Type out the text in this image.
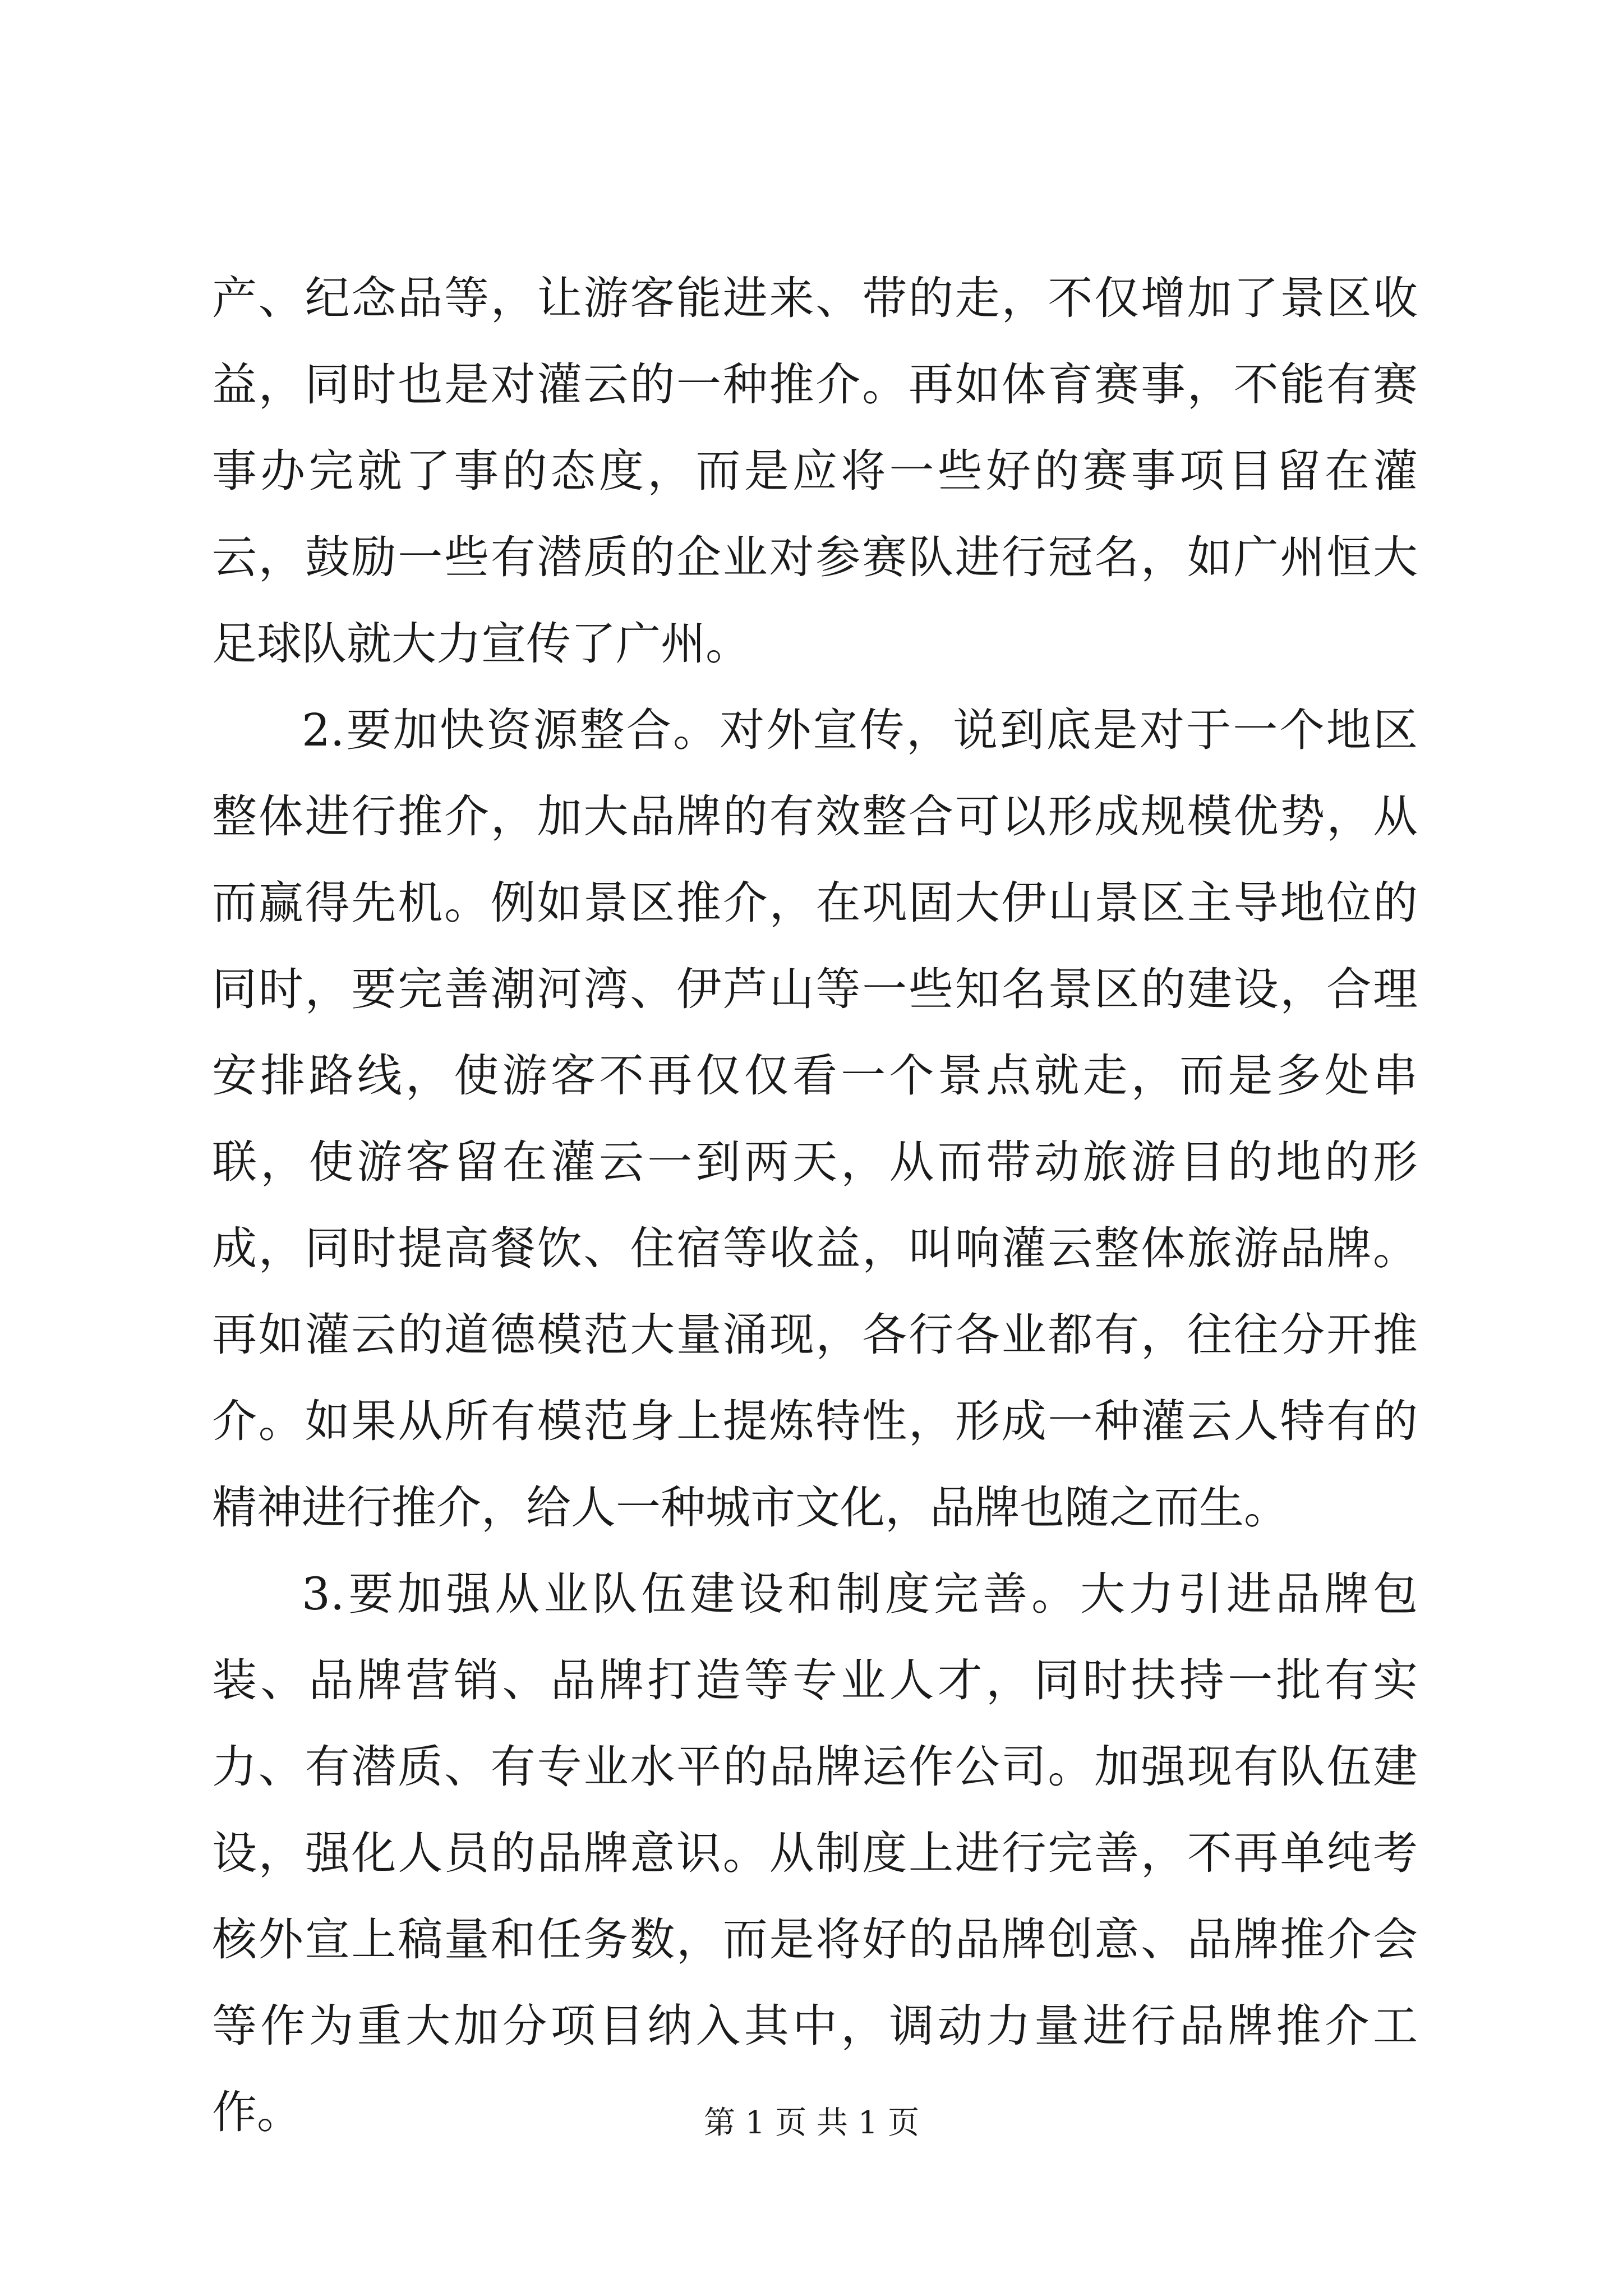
产、纪念品等，让游客能进来、带的走，不仅增加了景区收益，同时也是对灌云的一种推介。再如体育赛事，不能有赛事办完就了事的态度，而是应将一些好的赛事项目留在灌云，鼓励一些有潜质的企业对参赛队进行冠名，如广州恒大足球队就大力宣传了广州。

2.要加快资源整合。对外宣传，说到底是对于一个地区整体进行推介，加大品牌的有效整合可以形成规模优势，从而赢得先机。例如景区推介，在巩固大伊山景区主导地位的同时，要完善潮河湾、伊芦山等一些知名景区的建设，合理安排路线，使游客不再仅仅看一个景点就走，而是多处串联，使游客留在灌云一到两天，从而带动旅游目的地的形成，同时提高餐饮、住宿等收益，叫响灌云整体旅游品牌。再如灌云的道德模范大量涌现，各行各业都有，往往分开推介。如果从所有模范身上提炼特性，形成一种灌云人特有的精神进行推介，给人一种城市文化，品牌也随之而生。

3.要加强从业队伍建设和制度完善。大力引进品牌包装、品牌营销、品牌打造等专业人才，同时扶持一批有实力、有潜质、有专业水平的品牌运作公司。加强现有队伍建设，强化人员的品牌意识。从制度上进行完善，不再单纯考核外宣上稿量和任务数，而是将好的品牌创意、品牌推介会等作为重大加分项目纳入其中，调动力量进行品牌推介工作。	第 1 页 共 1 页
